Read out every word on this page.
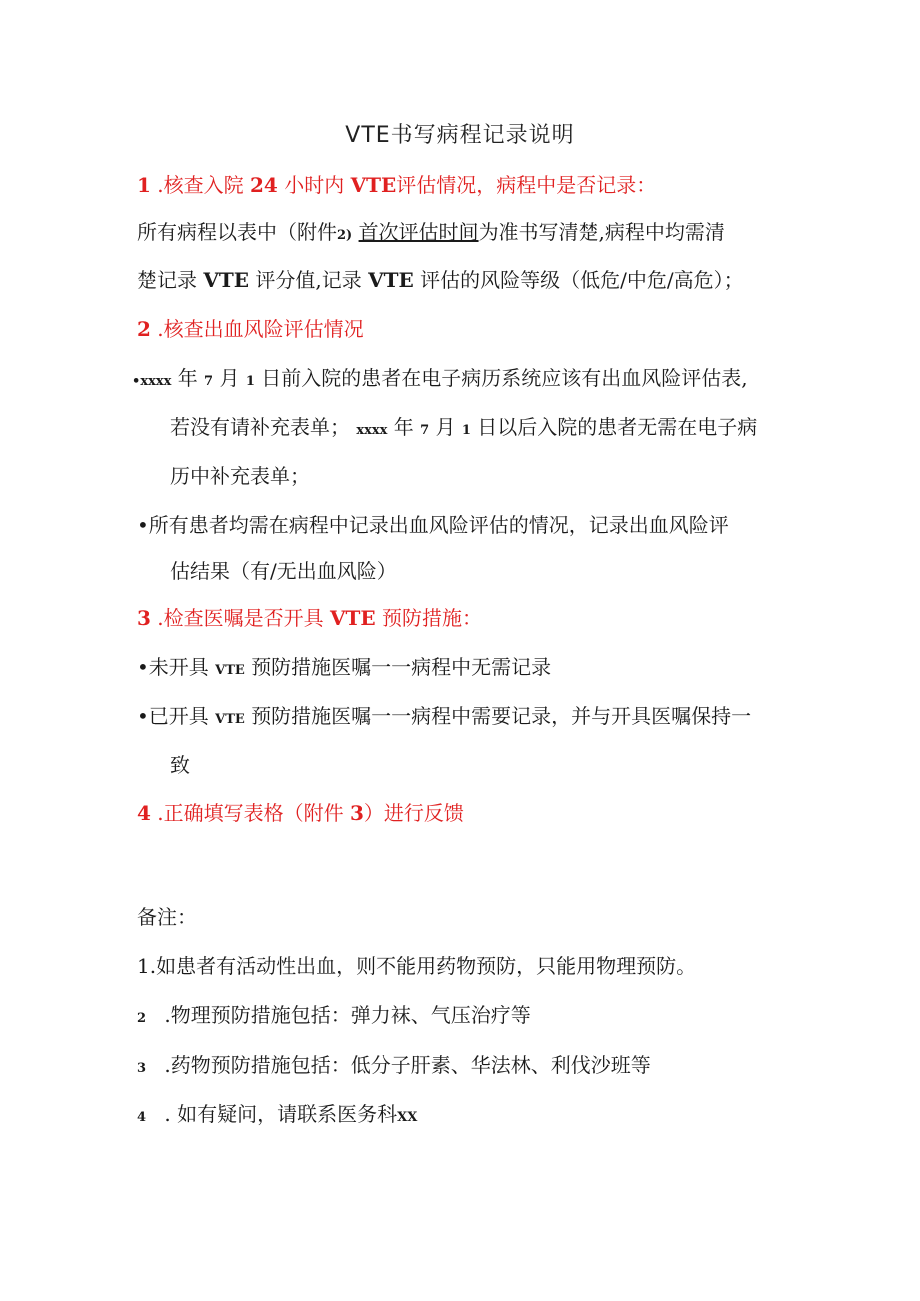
VTE书写病程记录说明
1 .核查入院 24 小时内 VTE评估情况，病程中是否记录：
所有病程以表中（附件2) 首次评估时间为准书写清楚,病程中均需清
楚记录 VTE 评分值,记录 VTE 评估的风险等级（低危/中危/高危）；
2 .核查出血风险评估情况
•xxxx 年 7 月 1 日前入院的患者在电子病历系统应该有出血风险评估表,
若没有请补充表单； xxxx 年 7 月 1 日以后入院的患者无需在电子病
历中补充表单；
•所有患者均需在病程中记录出血风险评估的情况，记录出血风险评
估结果（有/无出血风险）
3 .检查医嘱是否开具 VTE 预防措施：
•未开具 VTE 预防措施医嘱一一病程中无需记录
•已开具 VTE 预防措施医嘱一一病程中需要记录，并与开具医嘱保持一
致
4 .正确填写表格（附件 3）进行反馈
备注：
1.如患者有活动性出血，则不能用药物预防，只能用物理预防。
2 .物理预防措施包括：弹力袜、气压治疗等
3 .药物预防措施包括：低分子肝素、华法林、利伐沙班等
4 . 如有疑问，请联系医务科XX
